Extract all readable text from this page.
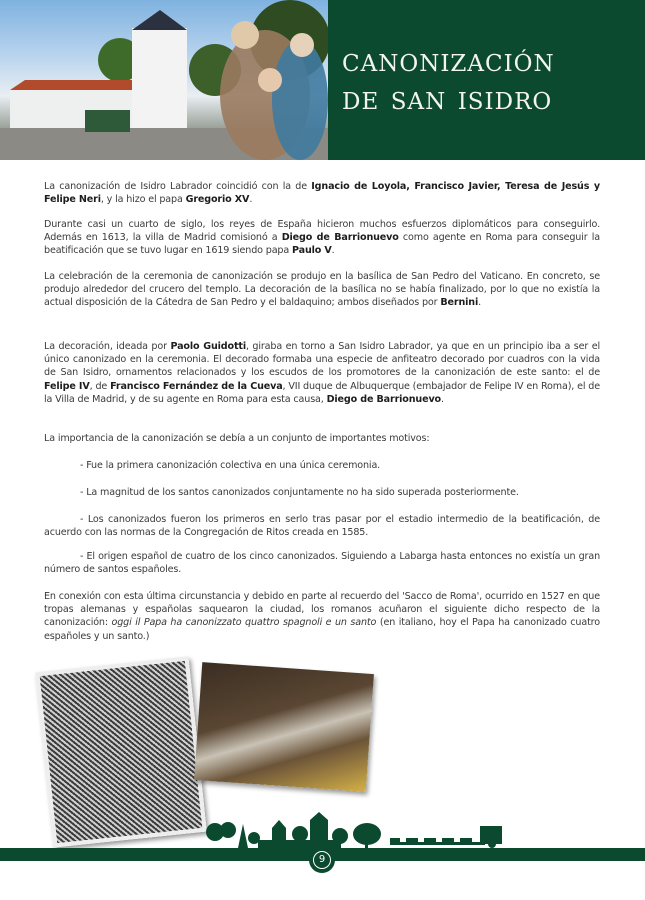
canonización
de san isidro
La canonización de Isidro Labrador coincidió con la de Ignacio de Loyola, Francisco Javier, Teresa de Jesús y Felipe Neri, y la hizo el papa Gregorio XV.
Durante casi un cuarto de siglo, los reyes de España hicieron muchos esfuerzos diplomáticos para conseguirlo. Además en 1613, la villa de Madrid comisionó a Diego de Barrionuevo como agente en Roma para conseguir la beatificación que se tuvo lugar en 1619 siendo papa Paulo V.
La celebración de la ceremonia de canonización se produjo en la basílica de San Pedro del Vaticano. En concreto, se produjo alrededor del crucero del templo. La decoración de la basílica no se había finalizado, por lo que no existía la actual disposición de la Cátedra de San Pedro y el baldaquino; ambos diseñados por Bernini.
La decoración, ideada por Paolo Guidotti, giraba en torno a San Isidro Labrador, ya que en un principio iba a ser el único canonizado en la ceremonia. El decorado formaba una especie de anfiteatro decorado por cuadros con la vida de San Isidro, ornamentos relacionados y los escudos de los promotores de la canonización de este santo: el de Felipe IV, de Francisco Fernández de la Cueva, VII duque de Albuquerque (embajador de Felipe IV en Roma), el de la Villa de Madrid, y de su agente en Roma para esta causa, Diego de Barrionuevo.
La importancia de la canonización se debía a un conjunto de importantes motivos:
- Fue la primera canonización colectiva en una única ceremonia.
- La magnitud de los santos canonizados conjuntamente no ha sido superada posteriormente.
- Los canonizados fueron los primeros en serlo tras pasar por el estadio intermedio de la beatificación, de acuerdo con las normas de la Congregación de Ritos creada en 1585.
- El origen español de cuatro de los cinco canonizados. Siguiendo a Labarga hasta entonces no existía un gran número de santos españoles.
En conexión con esta última circunstancia y debido en parte al recuerdo del 'Sacco de Roma', ocurrido en 1527 en que tropas alemanas y españolas saquearon la ciudad, los romanos acuñaron el siguiente dicho respecto de la canonización: oggi il Papa ha canonizzato quattro spagnoli e un santo (en italiano, hoy el Papa ha canonizado cuatro españoles y un santo.)
9
